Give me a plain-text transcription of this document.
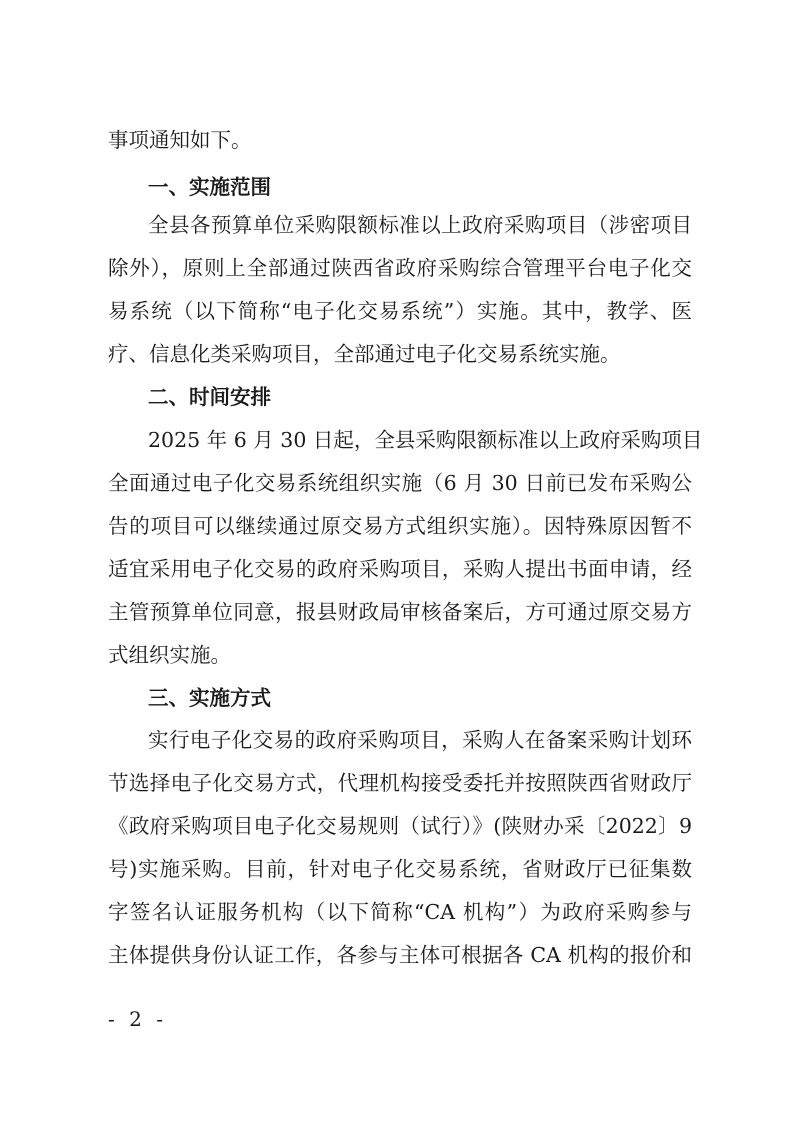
事项通知如下。
一、实施范围
全县各预算单位采购限额标准以上政府采购项目（涉密项目
除外），原则上全部通过陕西省政府采购综合管理平台电子化交
易系统（以下简称“电子化交易系统”）实施。其中，教学、医
疗、信息化类采购项目，全部通过电子化交易系统实施。
二、时间安排
2025 年 6 月 30 日起，全县采购限额标准以上政府采购项目
全面通过电子化交易系统组织实施（6 月 30 日前已发布采购公
告的项目可以继续通过原交易方式组织实施）。因特殊原因暂不
适宜采用电子化交易的政府采购项目，采购人提出书面申请，经
主管预算单位同意，报县财政局审核备案后，方可通过原交易方
式组织实施。
三、实施方式
实行电子化交易的政府采购项目，采购人在备案采购计划环
节选择电子化交易方式，代理机构接受委托并按照陕西省财政厅
《政府采购项目电子化交易规则（试行）》(陕财办采〔2022〕9
号)实施采购。目前，针对电子化交易系统，省财政厅已征集数
字签名认证服务机构（以下简称“CA 机构”）为政府采购参与
主体提供身份认证工作，各参与主体可根据各 CA 机构的报价和
- 2 -
